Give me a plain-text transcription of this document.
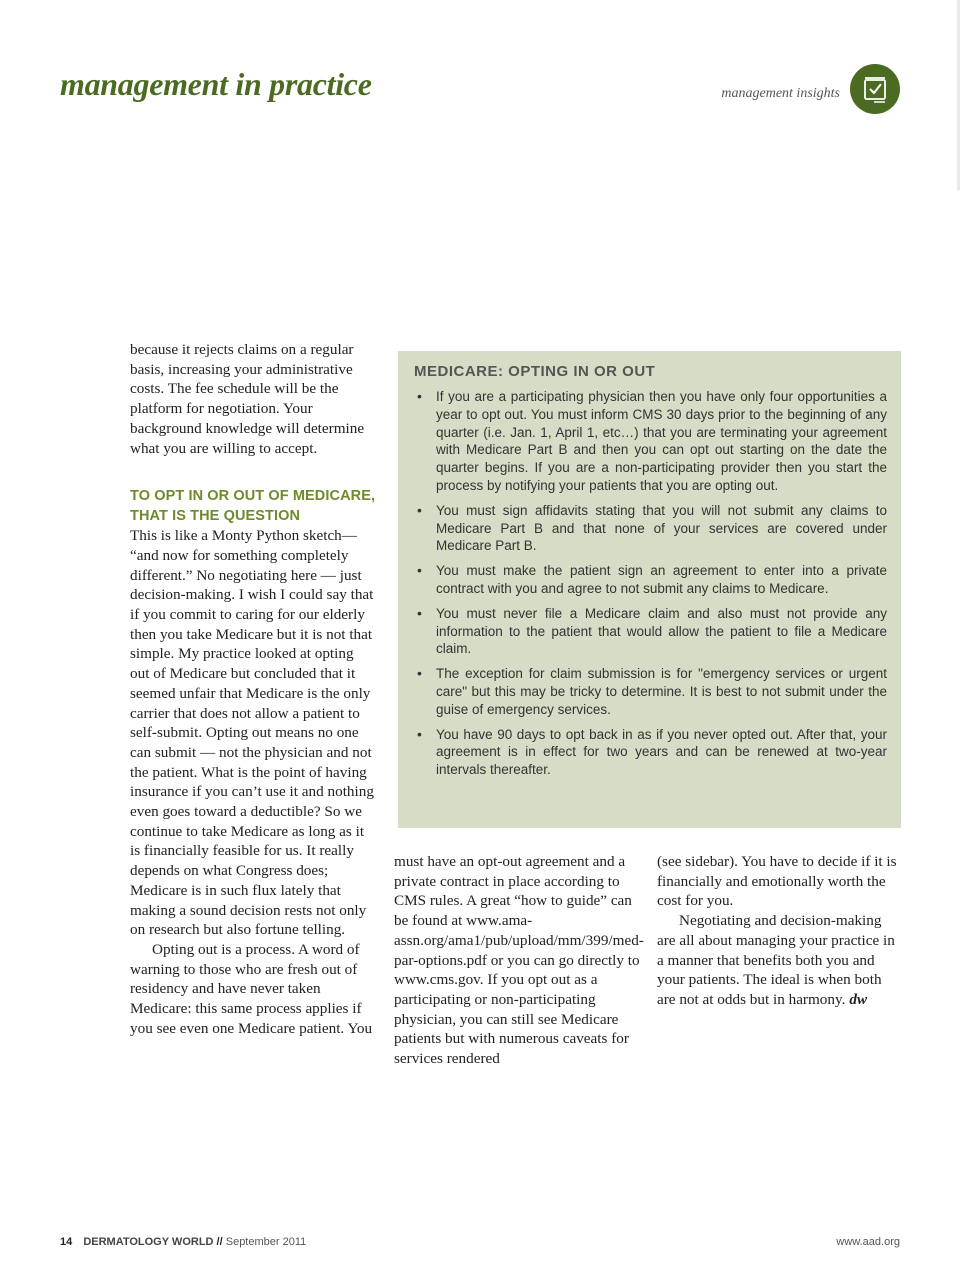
management in practice	management insights

because it rejects claims on a regular basis, increasing your administrative costs. The fee schedule will be the platform for negotiation. Your background knowledge will determine what you are willing to accept.

TO OPT IN OR OUT OF MEDICARE, THAT IS THE QUESTION

This is like a Monty Python sketch— “and now for something completely different.” No negotiating here — just decision-making. I wish I could say that if you commit to caring for our elderly then you take Medicare but it is not that simple. My practice looked at opting out of Medicare but concluded that it seemed unfair that Medicare is the only carrier that does not allow a patient to self-submit. Opting out means no one can submit — not the physician and not the patient. What is the point of having insurance if you can’t use it and nothing even goes toward a deductible? So we continue to take Medicare as long as it is financially feasible for us. It really depends on what Congress does; Medicare is in such flux lately that making a sound decision rests not only on research but also fortune telling.

Opting out is a process. A word of warning to those who are fresh out of residency and have never taken Medicare: this same process applies if you see even one Medicare patient. You

MEDICARE: OPTING IN OR OUT
• If you are a participating physician then you have only four opportunities a year to opt out. You must inform CMS 30 days prior to the beginning of any quarter (i.e. Jan. 1, April 1, etc…) that you are terminating your agreement with Medicare Part B and then you can opt out starting on the date the quarter begins. If you are a non-participating provider then you start the process by notifying your patients that you are opting out.
• You must sign affidavits stating that you will not submit any claims to Medicare Part B and that none of your services are covered under Medicare Part B.
• You must make the patient sign an agreement to enter into a private contract with you and agree to not submit any claims to Medicare.
• You must never file a Medicare claim and also must not provide any information to the patient that would allow the patient to file a Medicare claim.
• The exception for claim submission is for "emergency services or urgent care" but this may be tricky to determine. It is best to not submit under the guise of emergency services.
• You have 90 days to opt back in as if you never opted out. After that, your agreement is in effect for two years and can be renewed at two-year intervals thereafter.

must have an opt-out agreement and a private contract in place according to CMS rules. A great “how to guide” can be found at www.ama-assn.org/ama1/pub/upload/mm/399/med-par-options.pdf or you can go directly to www.cms.gov. If you opt out as a participating or non-participating physician, you can still see Medicare patients but with numerous caveats for services rendered

(see sidebar). You have to decide if it is financially and emotionally worth the cost for you.

Negotiating and decision-making are all about managing your practice in a manner that benefits both you and your patients. The ideal is when both are not at odds but in harmony. dw

14 DERMATOLOGY WORLD // September 2011	www.aad.org
